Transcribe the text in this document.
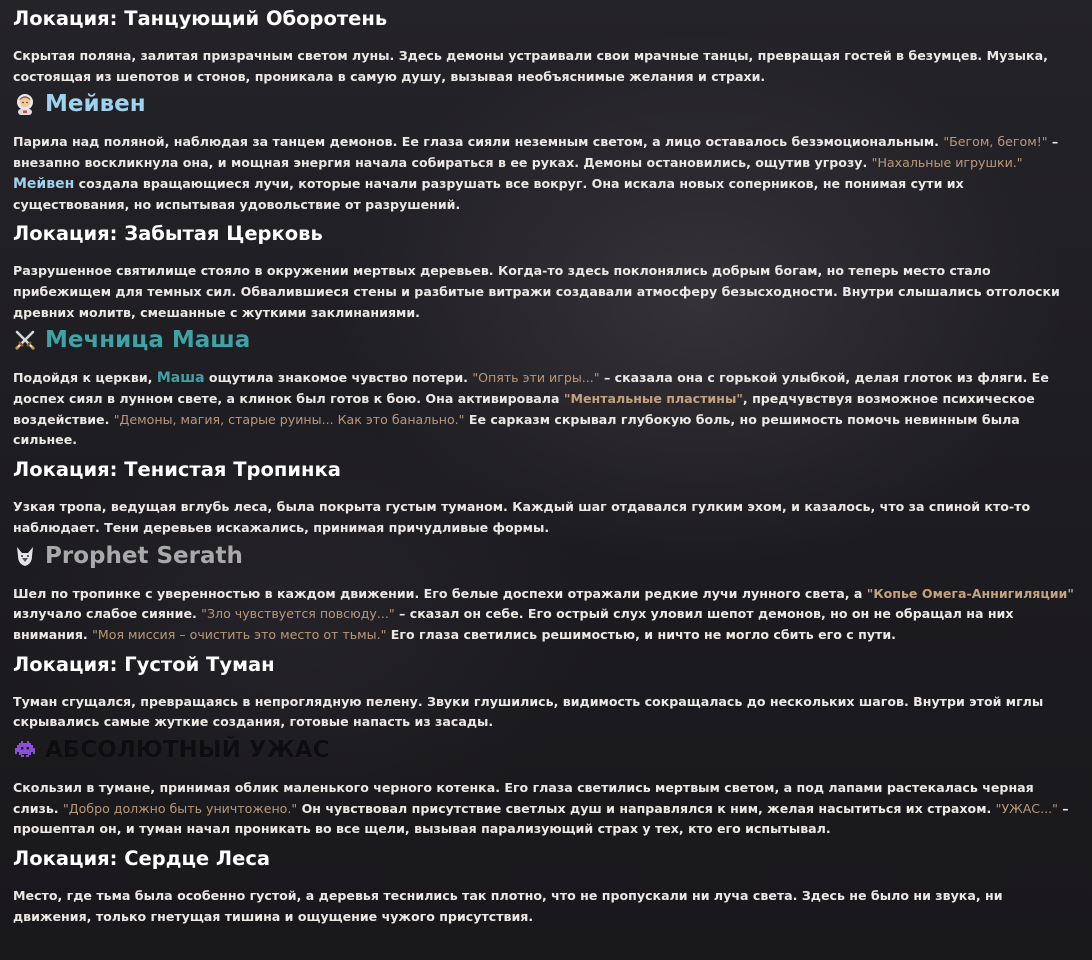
Локация: Танцующий Оборотень

Скрытая поляна, залитая призрачным светом луны. Здесь демоны устраивали свои мрачные танцы, превращая гостей в безумцев. Музыка, состоящая из шепотов и стонов, проникала в самую душу, вызывая необъяснимые желания и страхи.

Мейвен

Парила над поляной, наблюдая за танцем демонов. Ее глаза сияли неземным светом, а лицо оставалось безэмоциональным. "Бегом, бегом!" – внезапно воскликнула она, и мощная энергия начала собираться в ее руках. Демоны остановились, ощутив угрозу. "Нахальные игрушки." Мейвен создала вращающиеся лучи, которые начали разрушать все вокруг. Она искала новых соперников, не понимая сути их существования, но испытывая удовольствие от разрушений.

Локация: Забытая Церковь

Разрушенное святилище стояло в окружении мертвых деревьев. Когда-то здесь поклонялись добрым богам, но теперь место стало прибежищем для темных сил. Обвалившиеся стены и разбитые витражи создавали атмосферу безысходности. Внутри слышались отголоски древних молитв, смешанные с жуткими заклинаниями.

Мечница Маша

Подойдя к церкви, Маша ощутила знакомое чувство потери. "Опять эти игры..." – сказала она с горькой улыбкой, делая глоток из фляги. Ее доспех сиял в лунном свете, а клинок был готов к бою. Она активировала "Ментальные пластины", предчувствуя возможное психическое воздействие. "Демоны, магия, старые руины... Как это банально." Ее сарказм скрывал глубокую боль, но решимость помочь невинным была сильнее.

Локация: Тенистая Тропинка

Узкая тропа, ведущая вглубь леса, была покрыта густым туманом. Каждый шаг отдавался гулким эхом, и казалось, что за спиной кто-то наблюдает. Тени деревьев искажались, принимая причудливые формы.

Prophet Serath

Шел по тропинке с уверенностью в каждом движении. Его белые доспехи отражали редкие лучи лунного света, а "Копье Омега-Аннигиляции" излучало слабое сияние. "Зло чувствуется повсюду..." – сказал он себе. Его острый слух уловил шепот демонов, но он не обращал на них внимания. "Моя миссия – очистить это место от тьмы." Его глаза светились решимостью, и ничто не могло сбить его с пути.

Локация: Густой Туман

Туман сгущался, превращаясь в непроглядную пелену. Звуки глушились, видимость сокращалась до нескольких шагов. Внутри этой мглы скрывались самые жуткие создания, готовые напасть из засады.

АБСОЛЮТНЫЙ УЖАС

Скользил в тумане, принимая облик маленького черного котенка. Его глаза светились мертвым светом, а под лапами растекалась черная слизь. "Добро должно быть уничтожено." Он чувствовал присутствие светлых душ и направлялся к ним, желая насытиться их страхом. "УЖАС..." – прошептал он, и туман начал проникать во все щели, вызывая парализующий страх у тех, кто его испытывал.

Локация: Сердце Леса

Место, где тьма была особенно густой, а деревья теснились так плотно, что не пропускали ни луча света. Здесь не было ни звука, ни движения, только гнетущая тишина и ощущение чужого присутствия.
